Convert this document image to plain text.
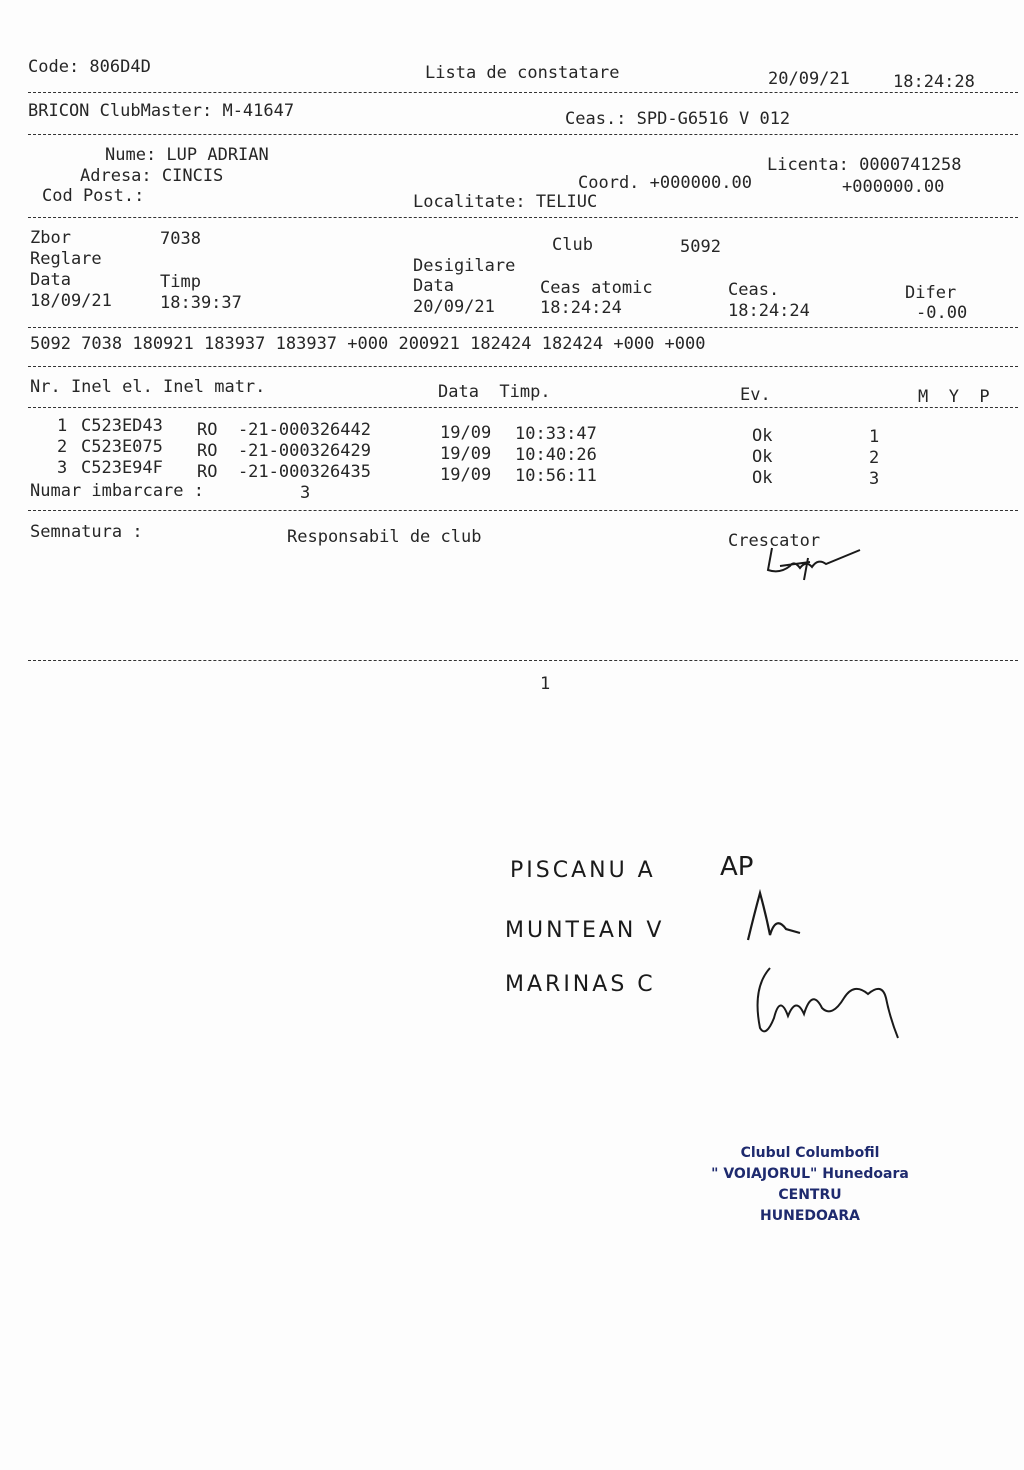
Code: 806D4D	Lista de constatare	20/09/21	18:24:28
BRICON ClubMaster: M-41647	Ceas.: SPD-G6516 V 012
Nume: LUP ADRIAN
Adresa: CINCIS
Cod Post.:
Licenta: 0000741258
Coord. +000000.00	+000000.00
Localitate: TELIUC
Zbor	7038	Club	5092
Reglare	Desigilare
Data	Timp	Data	Ceas atomic	Ceas.	Difer
18/09/21	18:39:37	20/09/21	18:24:24	18:24:24	-0.00
5092 7038 180921 183937 183937 +000 200921 182424 182424 +000 +000
Nr. Inel el. Inel matr.	Data  Timp.	Ev.	M  Y  P
1 C523ED43 RO  -21-000326442	19/09 10:33:47	Ok	1
2 C523E075 RO  -21-000326429	19/09 10:40:26	Ok	2
3 C523E94F RO  -21-000326435	19/09 10:56:11	Ok	3
Numar imbarcare :	3
Semnatura :	Responsabil de club	Crescator
1
PISCANU A AP
MUNTEAN V
MARINAS C
Clubul Columbofil
" VOIAJORUL" Hunedoara
CENTRU
HUNEDOARA
